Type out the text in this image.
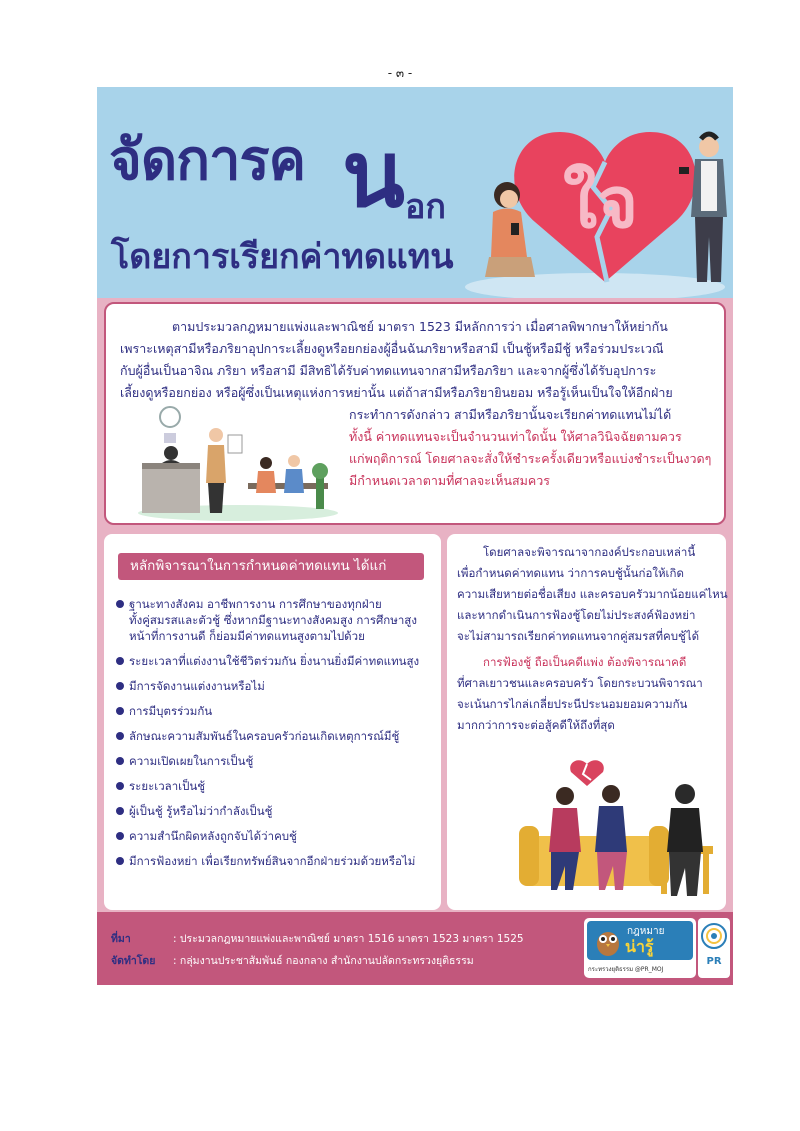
- ๓ -
จัดการค น อก
โดยการเรียกค่าทดแทน
ใจ
ตามประมวลกฎหมายแพ่งและพาณิชย์ มาตรา 1523 มีหลักการว่า เมื่อศาลพิพากษาให้หย่ากัน
เพราะเหตุสามีหรือภริยาอุปการะเลี้ยงดูหรือยกย่องผู้อื่นฉันภริยาหรือสามี เป็นชู้หรือมีชู้ หรือร่วมประเวณี
กับผู้อื่นเป็นอาจิณ ภริยา หรือสามี มีสิทธิได้รับค่าทดแทนจากสามีหรือภริยา และจากผู้ซึ่งได้รับอุปการะ
เลี้ยงดูหรือยกย่อง หรือผู้ซึ่งเป็นเหตุแห่งการหย่านั้น แต่ถ้าสามีหรือภริยายินยอม หรือรู้เห็นเป็นใจให้อีกฝ่าย
กระทำการดังกล่าว สามีหรือภริยานั้นจะเรียกค่าทดแทนไม่ได้
ทั้งนี้ ค่าทดแทนจะเป็นจำนวนเท่าใดนั้น ให้ศาลวินิจฉัยตามควร
แก่พฤติการณ์ โดยศาลจะสั่งให้ชำระครั้งเดียวหรือแบ่งชำระเป็นงวดๆ
มีกำหนดเวลาตามที่ศาลจะเห็นสมควร
หลักพิจารณาในการกำหนดค่าทดแทน ได้แก่
ฐานะทางสังคม อาชีพการงาน การศึกษาของทุกฝ่าย
ทั้งคู่สมรสและตัวชู้ ซึ่งหากมีฐานะทางสังคมสูง การศึกษาสูง
หน้าที่การงานดี ก็ย่อมมีค่าทดแทนสูงตามไปด้วย
ระยะเวลาที่แต่งงานใช้ชีวิตร่วมกัน ยิ่งนานยิ่งมีค่าทดแทนสูง
มีการจัดงานแต่งงานหรือไม่
การมีบุตรร่วมกัน
ลักษณะความสัมพันธ์ในครอบครัวก่อนเกิดเหตุการณ์มีชู้
ความเปิดเผยในการเป็นชู้
ระยะเวลาเป็นชู้
ผู้เป็นชู้ รู้หรือไม่ว่ากำลังเป็นชู้
ความสำนึกผิดหลังถูกจับได้ว่าคบชู้
มีการฟ้องหย่า เพื่อเรียกทรัพย์สินจากอีกฝ่ายร่วมด้วยหรือไม่
โดยศาลจะพิจารณาจากองค์ประกอบเหล่านี้
เพื่อกำหนดค่าทดแทน ว่าการคบชู้นั้นก่อให้เกิด
ความเสียหายต่อชื่อเสียง และครอบครัวมากน้อยแค่ไหน
และหากดำเนินการฟ้องชู้โดยไม่ประสงค์ฟ้องหย่า
จะไม่สามารถเรียกค่าทดแทนจากคู่สมรสที่คบชู้ได้
การฟ้องชู้ ถือเป็นคดีแพ่ง ต้องพิจารณาคดี
ที่ศาลเยาวชนและครอบครัว โดยกระบวนพิจารณา
จะเน้นการไกล่เกลี่ยประนีประนอมยอมความกัน
มากกว่าการจะต่อสู้คดีให้ถึงที่สุด
ที่มา	: ประมวลกฎหมายแพ่งและพาณิชย์ มาตรา 1516 มาตรา 1523 มาตรา 1525
จัดทำโดย : กลุ่มงานประชาสัมพันธ์ กองกลาง สำนักงานปลัดกระทรวงยุติธรรม
กฎหมาย
น่ารู้
กระทรวงยุติธรรม @PR_MOJ
PR
